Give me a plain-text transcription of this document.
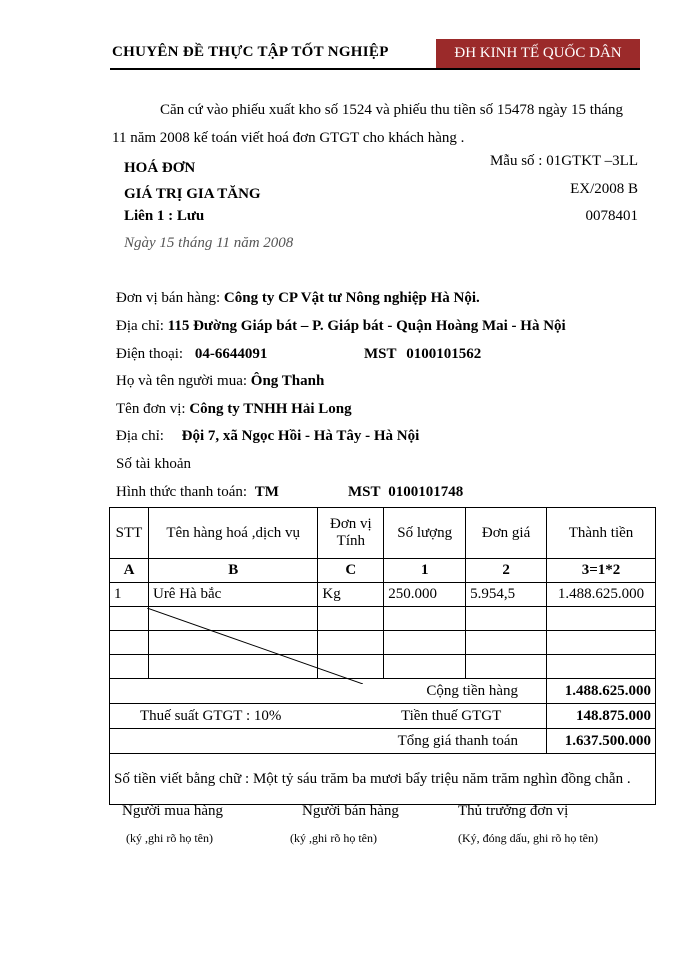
CHUYÊN ĐỀ THỰC TẬP TỐT NGHIỆP	ĐH KINH TẾ QUỐC DÂN

Căn cứ vào phiếu xuất kho số 1524 và phiếu thu tiền số 15478 ngày 15 tháng 11 năm 2008 kế toán viết hoá đơn GTGT cho khách hàng .

HOÁ ĐƠN
GIÁ TRỊ GIA TĂNG
Liên 1 : Lưu
Mẫu số : 01GTKT –3LL
EX/2008 B
0078401
Ngày 15 tháng 11 năm 2008
Đơn vị bán hàng: Công ty CP Vật tư Nông nghiệp Hà Nội.
Địa chỉ: 115 Đường Giáp bát – P. Giáp bát - Quận Hoàng Mai - Hà Nội
Điện thoại: 04-6644091	MST 0100101562
Họ và tên người mua: Ông Thanh
Tên đơn vị: Công ty TNHH Hải Long
Địa chỉ: Đội 7, xã Ngọc Hồi - Hà Tây - Hà Nội
Số tài khoản
Hình thức thanh toán: TM	MST 0100101748
STT	Tên hàng hoá ,dịch vụ	Đơn vị Tính	Số lượng	Đơn giá	Thành tiền
A	B	C	1	2	3=1*2
1	Urê Hà bắc	Kg	250.000	5.954,5	1.488.625.000

Cộng tiền hàng					1.488.625.000
Thuế suất GTGT : 10% Tiền thuế GTGT					148.875.000
Tổng giá thanh toán					1.637.500.000
Số tiền viết bằng chữ : Một tỷ sáu trăm ba mươi bẩy triệu năm trăm nghìn đồng chẵn .					
Người mua hàng	Người bán hàng	Thủ trưởng đơn vị
(ký ,ghi rõ họ tên)	(ký ,ghi rõ họ tên)	(Ký, đóng dấu, ghi rõ họ tên)
